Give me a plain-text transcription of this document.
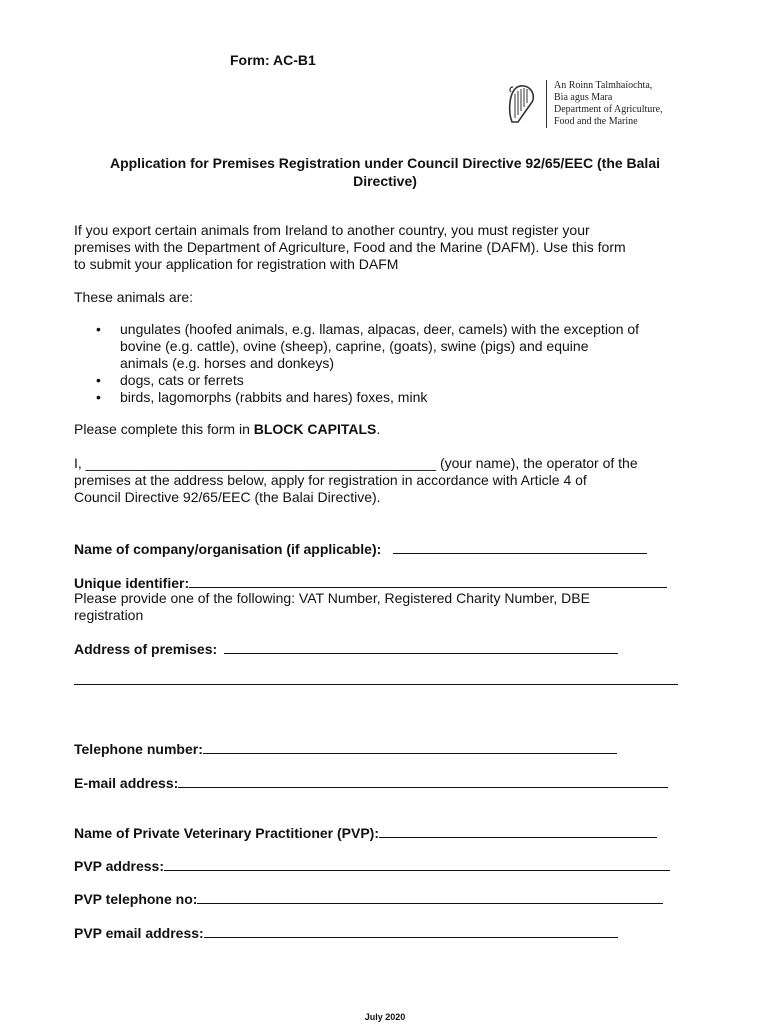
Form: AC-B1
An Roinn Talmhaíochta,
Bia agus Mara
Department of Agriculture,
Food and the Marine
Application for Premises Registration under Council Directive 92/65/EEC (the Balai
Directive)
If you export certain animals from Ireland to another country, you must register your
premises with the Department of Agriculture, Food and the Marine (DAFM). Use this form
to submit your application for registration with DAFM
These animals are:
• ungulates (hoofed animals, e.g. llamas, alpacas, deer, camels) with the exception of
bovine (e.g. cattle), ovine (sheep), caprine, (goats), swine (pigs) and equine
animals (e.g. horses and donkeys)
• dogs, cats or ferrets
• birds, lagomorphs (rabbits and hares) foxes, mink
Please complete this form in BLOCK CAPITALS.
I, _____________________________________________ (your name), the operator of the
premises at the address below, apply for registration in accordance with Article 4 of
Council Directive 92/65/EEC (the Balai Directive).
Name of company/organisation (if applicable):
Unique identifier:
Please provide one of the following: VAT Number, Registered Charity Number, DBE
registration
Address of premises:
Telephone number:
E-mail address:
Name of Private Veterinary Practitioner (PVP):
PVP address:
PVP telephone no:
PVP email address:
July 2020
